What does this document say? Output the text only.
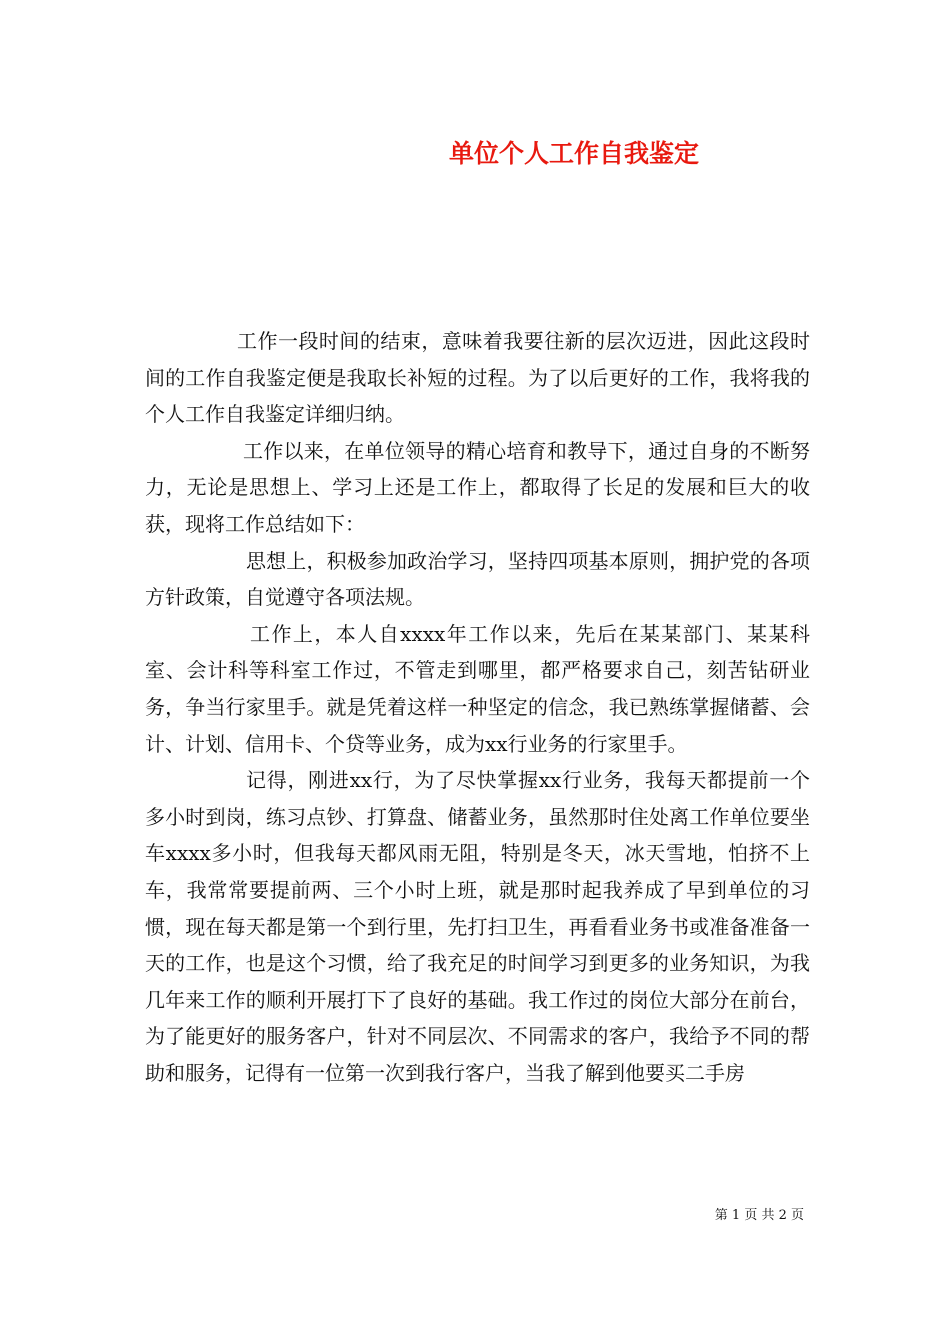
单位个人工作自我鉴定

工作一段时间的结束，意味着我要往新的层次迈进，因此这段时间的工作自我鉴定便是我取长补短的过程。为了以后更好的工作，我将我的个人工作自我鉴定详细归纳。

工作以来，在单位领导的精心培育和教导下，通过自身的不断努力，无论是思想上、学习上还是工作上，都取得了长足的发展和巨大的收获，现将工作总结如下：

思想上，积极参加政治学习，坚持四项基本原则，拥护党的各项方针政策，自觉遵守各项法规。

工作上，本人自xxxx年工作以来，先后在某某部门、某某科室、会计科等科室工作过，不管走到哪里，都严格要求自己，刻苦钻研业务，争当行家里手。就是凭着这样一种坚定的信念，我已熟练掌握储蓄、会计、计划、信用卡、个贷等业务，成为xx行业务的行家里手。

记得，刚进xx行，为了尽快掌握xx行业务，我每天都提前一个多小时到岗，练习点钞、打算盘、储蓄业务，虽然那时住处离工作单位要坐车xxxx多小时，但我每天都风雨无阻，特别是冬天，冰天雪地，怕挤不上车，我常常要提前两、三个小时上班，就是那时起我养成了早到单位的习惯，现在每天都是第一个到行里，先打扫卫生，再看看业务书或准备准备一天的工作，也是这个习惯，给了我充足的时间学习到更多的业务知识，为我几年来工作的顺利开展打下了良好的基础。我工作过的岗位大部分在前台，为了能更好的服务客户，针对不同层次、不同需求的客户，我给予不同的帮助和服务，记得有一位第一次到我行客户，当我了解到他要买二手房

第 1 页 共 2 页
